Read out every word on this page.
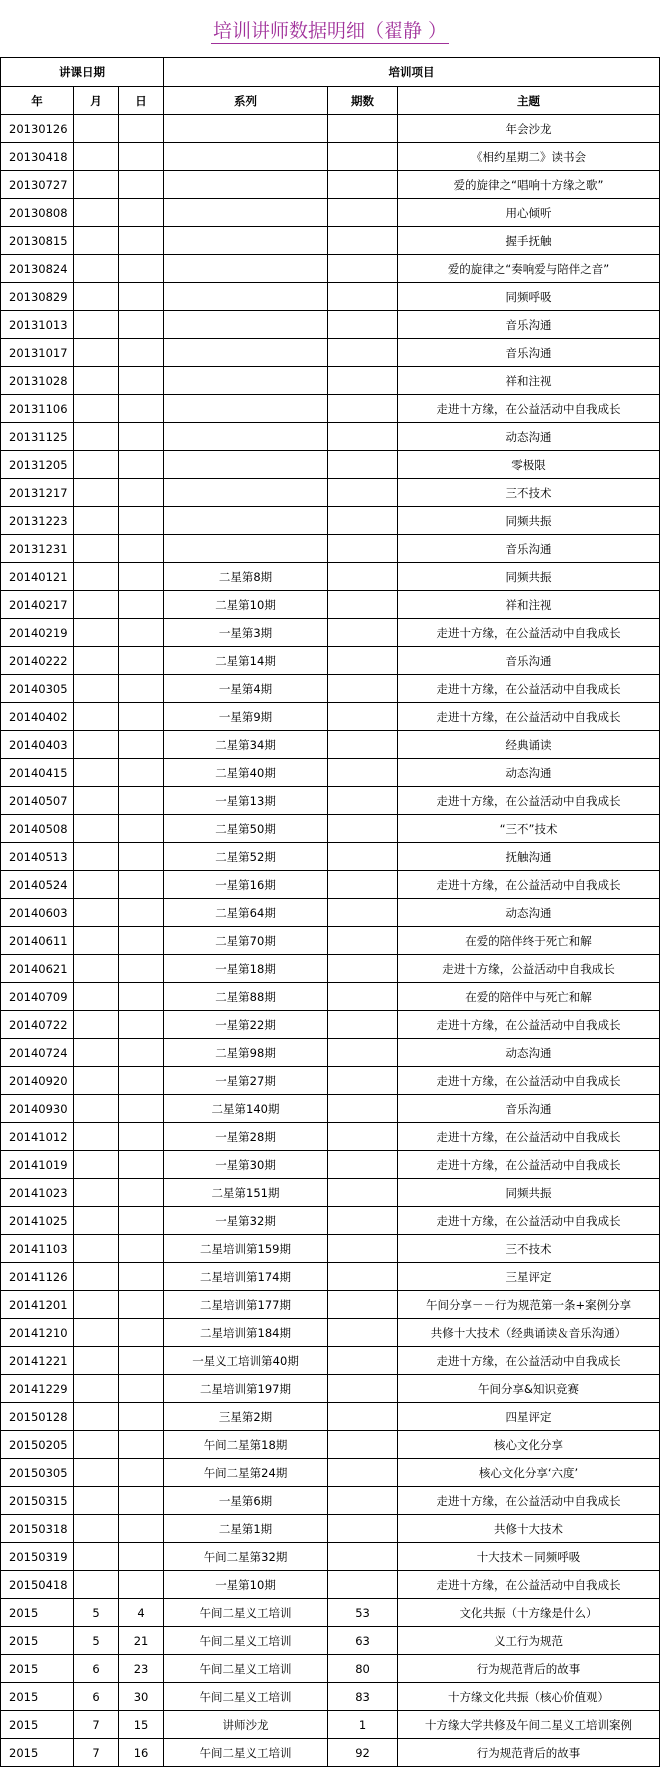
培训讲师数据明细（翟静 ）
讲课日期			培训项目		
年	月	日	系列	期数	主题
20130126					年会沙龙
20130418					《相约星期二》读书会
20130727					爱的旋律之“唱响十方缘之歌”
20130808					用心倾听
20130815					握手抚触
20130824					爱的旋律之“奏响爱与陪伴之音”
20130829					同频呼吸
20131013					音乐沟通
20131017					音乐沟通
20131028					祥和注视
20131106					走进十方缘，在公益活动中自我成长
20131125					动态沟通
20131205					零极限
20131217					三不技术
20131223					同频共振
20131231					音乐沟通
20140121			二星第8期		同频共振
20140217			二星第10期		祥和注视
20140219			一星第3期		走进十方缘，在公益活动中自我成长
20140222			二星第14期		音乐沟通
20140305			一星第4期		走进十方缘，在公益活动中自我成长
20140402			一星第9期		走进十方缘，在公益活动中自我成长
20140403			二星第34期		经典诵读
20140415			二星第40期		动态沟通
20140507			一星第13期		走进十方缘，在公益活动中自我成长
20140508			二星第50期		“三不”技术
20140513			二星第52期		抚触沟通
20140524			一星第16期		走进十方缘，在公益活动中自我成长
20140603			二星第64期		动态沟通
20140611			二星第70期		在爱的陪伴终于死亡和解
20140621			一星第18期		走进十方缘，公益活动中自我成长
20140709			二星第88期		在爱的陪伴中与死亡和解
20140722			一星第22期		走进十方缘，在公益活动中自我成长
20140724			二星第98期		动态沟通
20140920			一星第27期		走进十方缘，在公益活动中自我成长
20140930			二星第140期		音乐沟通
20141012			一星第28期		走进十方缘，在公益活动中自我成长
20141019			一星第30期		走进十方缘，在公益活动中自我成长
20141023			二星第151期		同频共振
20141025			一星第32期		走进十方缘，在公益活动中自我成长
20141103			二星培训第159期		三不技术
20141126			二星培训第174期		三星评定
20141201			二星培训第177期		午间分享－－行为规范第一条+案例分享
20141210			二星培训第184期		共修十大技术（经典诵读＆音乐沟通）
20141221			一星义工培训第40期		走进十方缘，在公益活动中自我成长
20141229			二星培训第197期		午间分享&知识竞赛
20150128			三星第2期		四星评定
20150205			午间二星第18期		核心文化分享
20150305			午间二星第24期		核心文化分享‘六度’
20150315			一星第6期		走进十方缘，在公益活动中自我成长
20150318			二星第1期		共修十大技术
20150319			午间二星第32期		十大技术－同频呼吸
20150418			一星第10期		走进十方缘，在公益活动中自我成长
2015	5	4	午间二星义工培训	53	文化共振（十方缘是什么）
2015	5	21	午间二星义工培训	63	义工行为规范
2015	6	23	午间二星义工培训	80	行为规范背后的故事
2015	6	30	午间二星义工培训	83	十方缘文化共振（核心价值观）
2015	7	15	讲师沙龙	1	十方缘大学共修及午间二星义工培训案例
2015	7	16	午间二星义工培训	92	行为规范背后的故事
